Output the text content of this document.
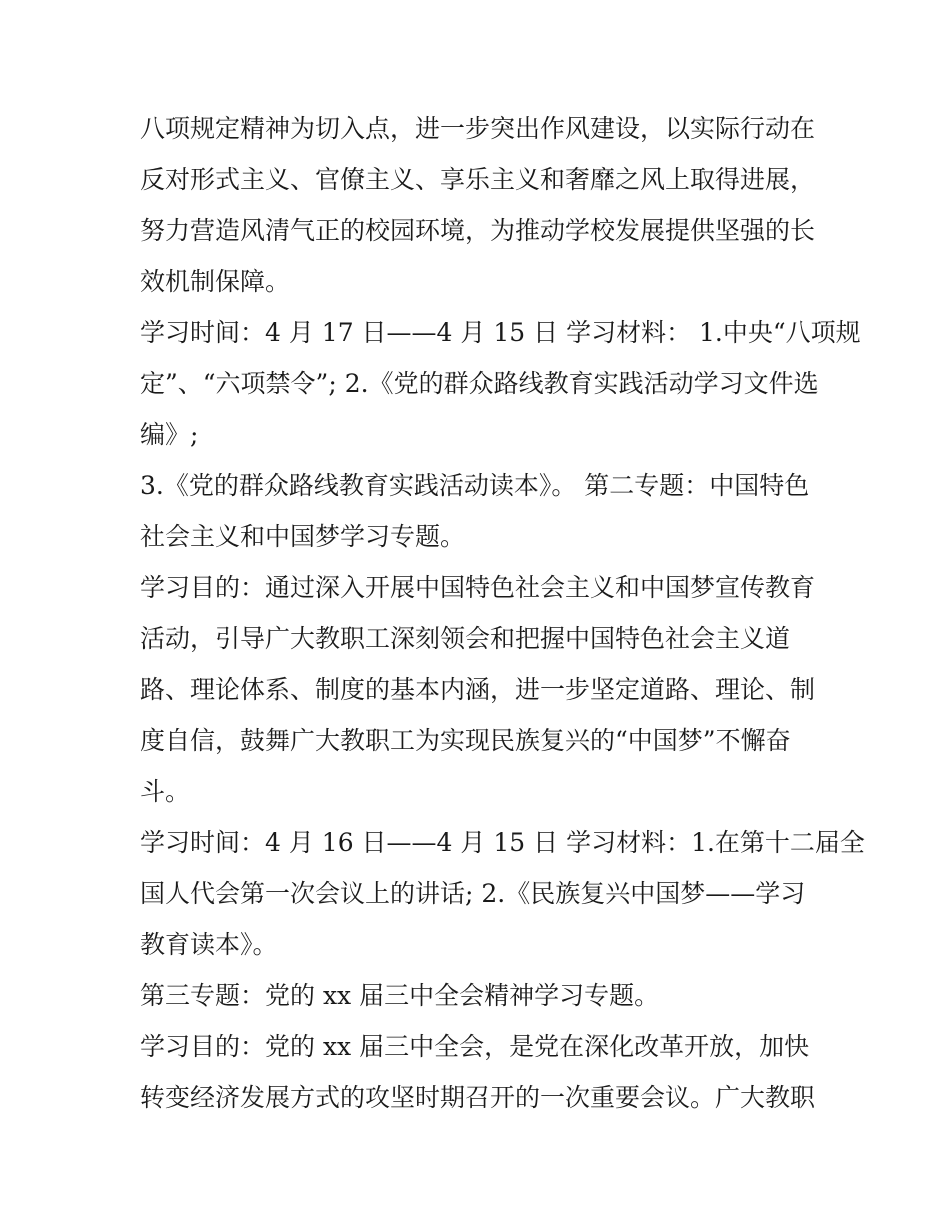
八项规定精神为切入点，进一步突出作风建设，以实际行动在
反对形式主义、官僚主义、享乐主义和奢靡之风上取得进展，
努力营造风清气正的校园环境，为推动学校发展提供坚强的长
效机制保障。
学习时间：4 月 17 日——4 月 15 日 学习材料： 1.中央“八项规
定”、“六项禁令”; 2.《党的群众路线教育实践活动学习文件选
编》;
3.《党的群众路线教育实践活动读本》。 第二专题：中国特色
社会主义和中国梦学习专题。
学习目的：通过深入开展中国特色社会主义和中国梦宣传教育
活动，引导广大教职工深刻领会和把握中国特色社会主义道
路、理论体系、制度的基本内涵，进一步坚定道路、理论、制
度自信，鼓舞广大教职工为实现民族复兴的“中国梦”不懈奋
斗。
学习时间：4 月 16 日——4 月 15 日 学习材料：1.在第十二届全
国人代会第一次会议上的讲话; 2.《民族复兴中国梦——学习
教育读本》。
第三专题：党的 xx 届三中全会精神学习专题。
学习目的：党的 xx 届三中全会，是党在深化改革开放，加快
转变经济发展方式的攻坚时期召开的一次重要会议。广大教职
